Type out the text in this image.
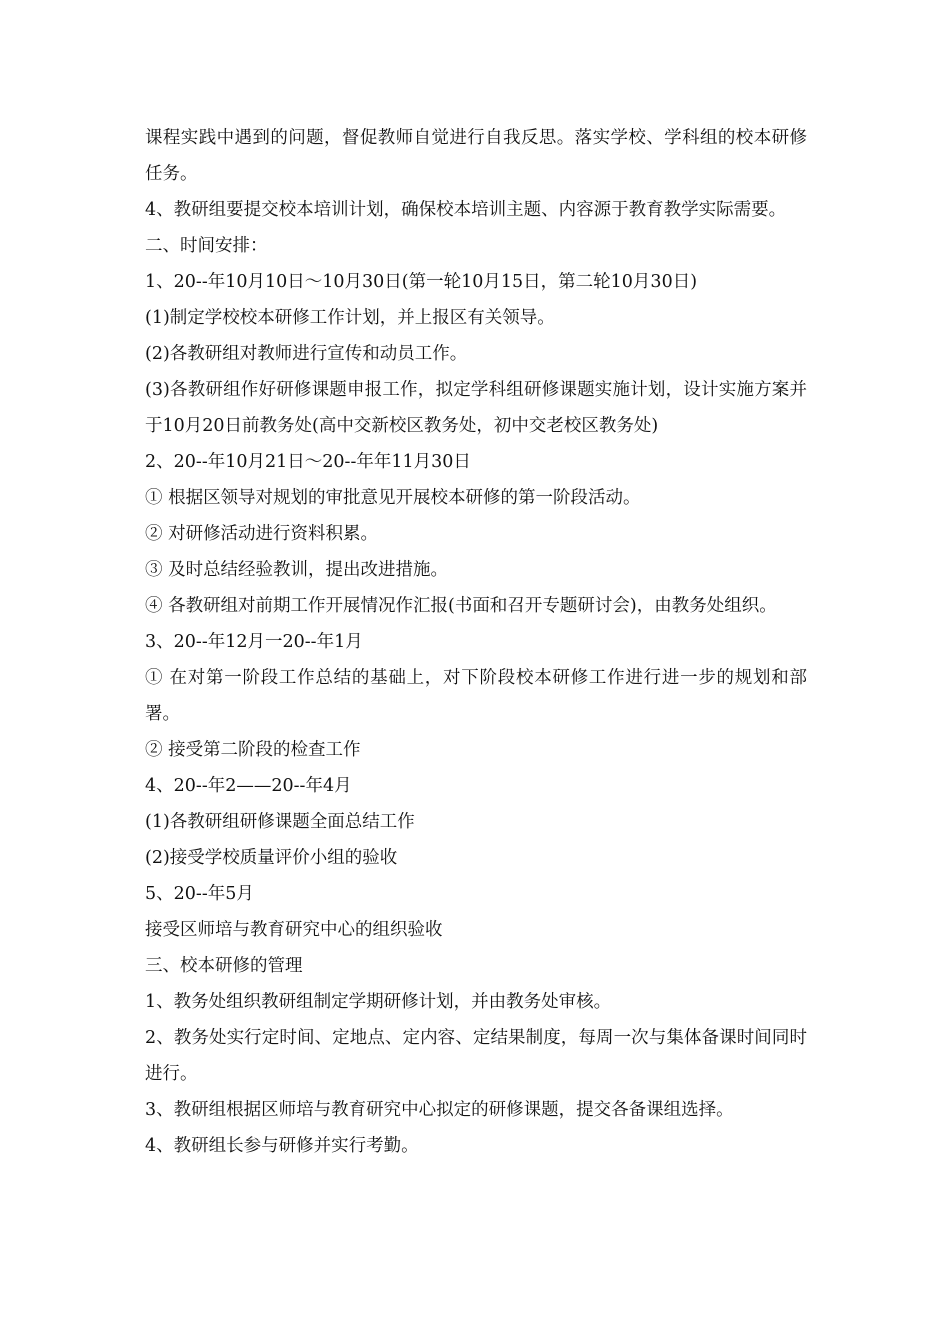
课程实践中遇到的问题，督促教师自觉进行自我反思。落实学校、学科组的校本研修任务。

4、教研组要提交校本培训计划，确保校本培训主题、内容源于教育教学实际需要。

二、时间安排：

1、20--年10月10日～10月30日(第一轮10月15日，第二轮10月30日)

(1)制定学校校本研修工作计划，并上报区有关领导。

(2)各教研组对教师进行宣传和动员工作。

(3)各教研组作好研修课题申报工作，拟定学科组研修课题实施计划，设计实施方案并于10月20日前教务处(高中交新校区教务处，初中交老校区教务处)

2、20--年10月21日～20--年年11月30日

① 根据区领导对规划的审批意见开展校本研修的第一阶段活动。

② 对研修活动进行资料积累。

③ 及时总结经验教训，提出改进措施。

④ 各教研组对前期工作开展情况作汇报(书面和召开专题研讨会)，由教务处组织。

3、20--年12月一20--年1月

① 在对第一阶段工作总结的基础上，对下阶段校本研修工作进行进一步的规划和部署。

② 接受第二阶段的检查工作

4、20--年2——20--年4月

(1)各教研组研修课题全面总结工作

(2)接受学校质量评价小组的验收

5、20--年5月

接受区师培与教育研究中心的组织验收

三、校本研修的管理

1、教务处组织教研组制定学期研修计划，并由教务处审核。

2、教务处实行定时间、定地点、定内容、定结果制度，每周一次与集体备课时间同时进行。

3、教研组根据区师培与教育研究中心拟定的研修课题，提交各备课组选择。

4、教研组长参与研修并实行考勤。
